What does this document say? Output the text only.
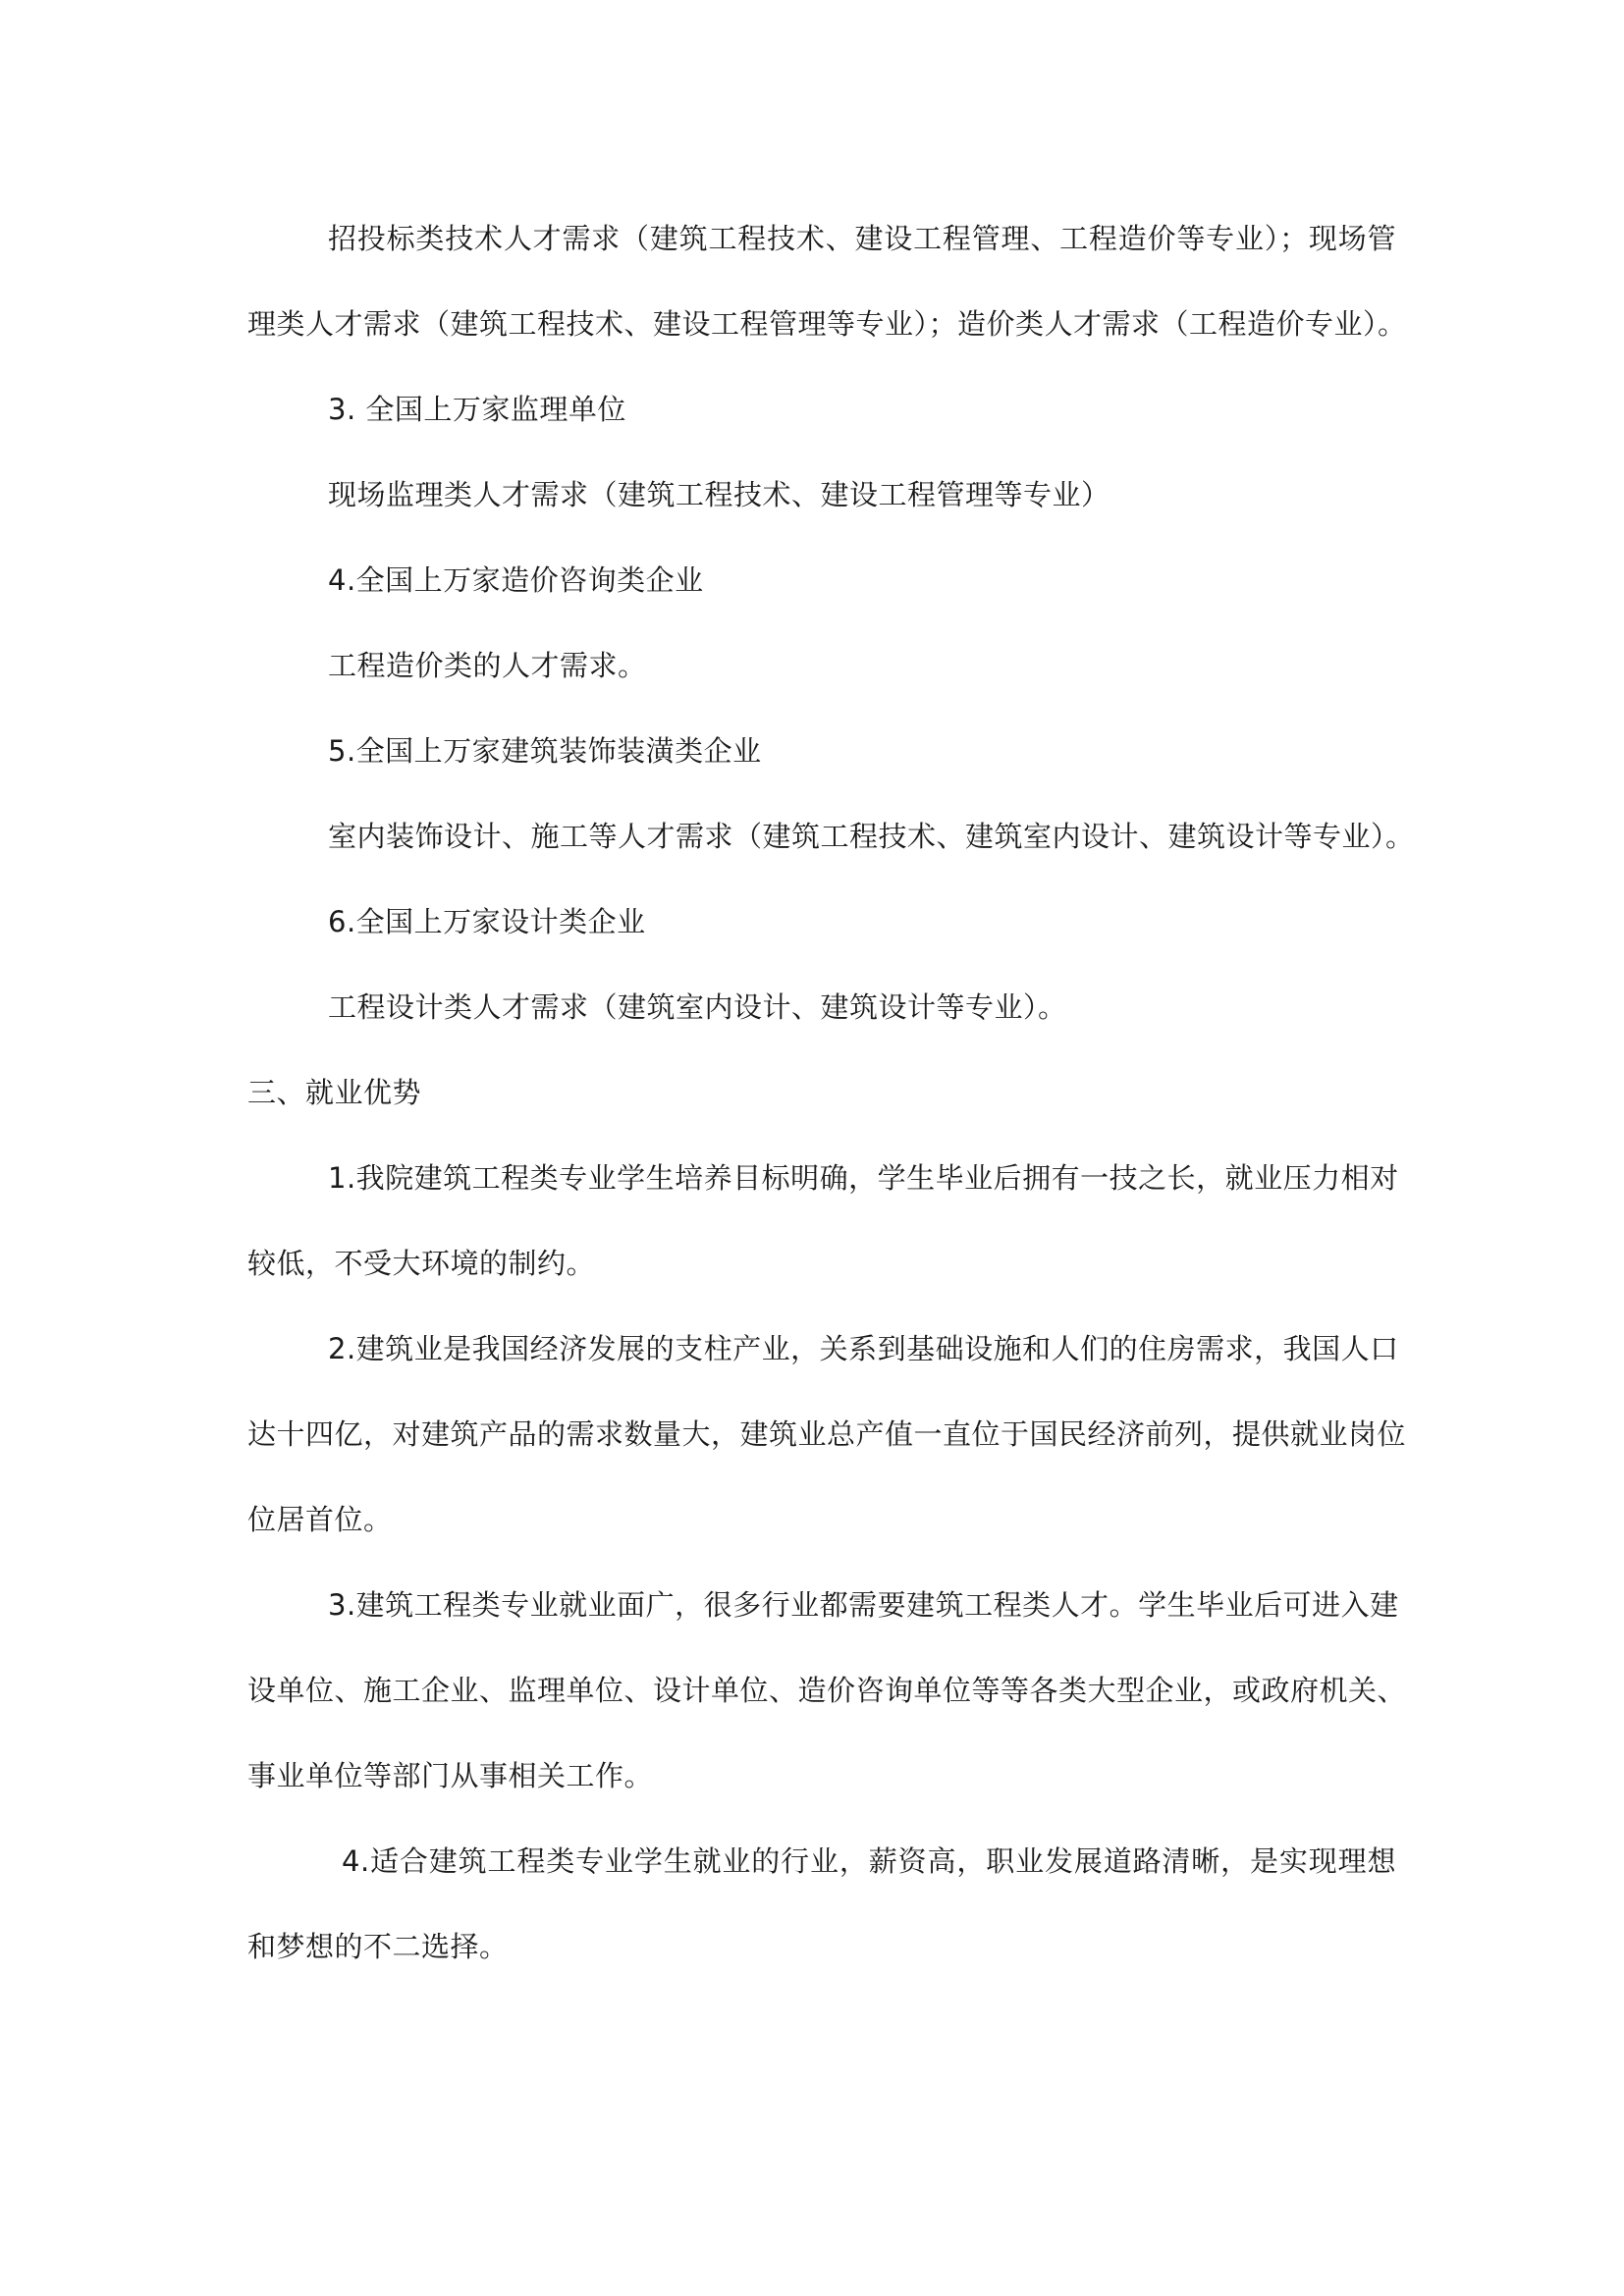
招投标类技术人才需求（建筑工程技术、建设工程管理、工程造价等专业）；现场管
理类人才需求（建筑工程技术、建设工程管理等专业）；造价类人才需求（工程造价专业）。
3. 全国上万家监理单位
现场监理类人才需求（建筑工程技术、建设工程管理等专业）
4.全国上万家造价咨询类企业
工程造价类的人才需求。
5.全国上万家建筑装饰装潢类企业
室内装饰设计、施工等人才需求（建筑工程技术、建筑室内设计、建筑设计等专业）。
6.全国上万家设计类企业
工程设计类人才需求（建筑室内设计、建筑设计等专业）。
三、就业优势
1.我院建筑工程类专业学生培养目标明确，学生毕业后拥有一技之长，就业压力相对
较低，不受大环境的制约。
2.建筑业是我国经济发展的支柱产业，关系到基础设施和人们的住房需求，我国人口
达十四亿，对建筑产品的需求数量大，建筑业总产值一直位于国民经济前列，提供就业岗位
位居首位。
3.建筑工程类专业就业面广，很多行业都需要建筑工程类人才。学生毕业后可进入建
设单位、施工企业、监理单位、设计单位、造价咨询单位等等各类大型企业，或政府机关、
事业单位等部门从事相关工作。
4.适合建筑工程类专业学生就业的行业，薪资高，职业发展道路清晰，是实现理想
和梦想的不二选择。
